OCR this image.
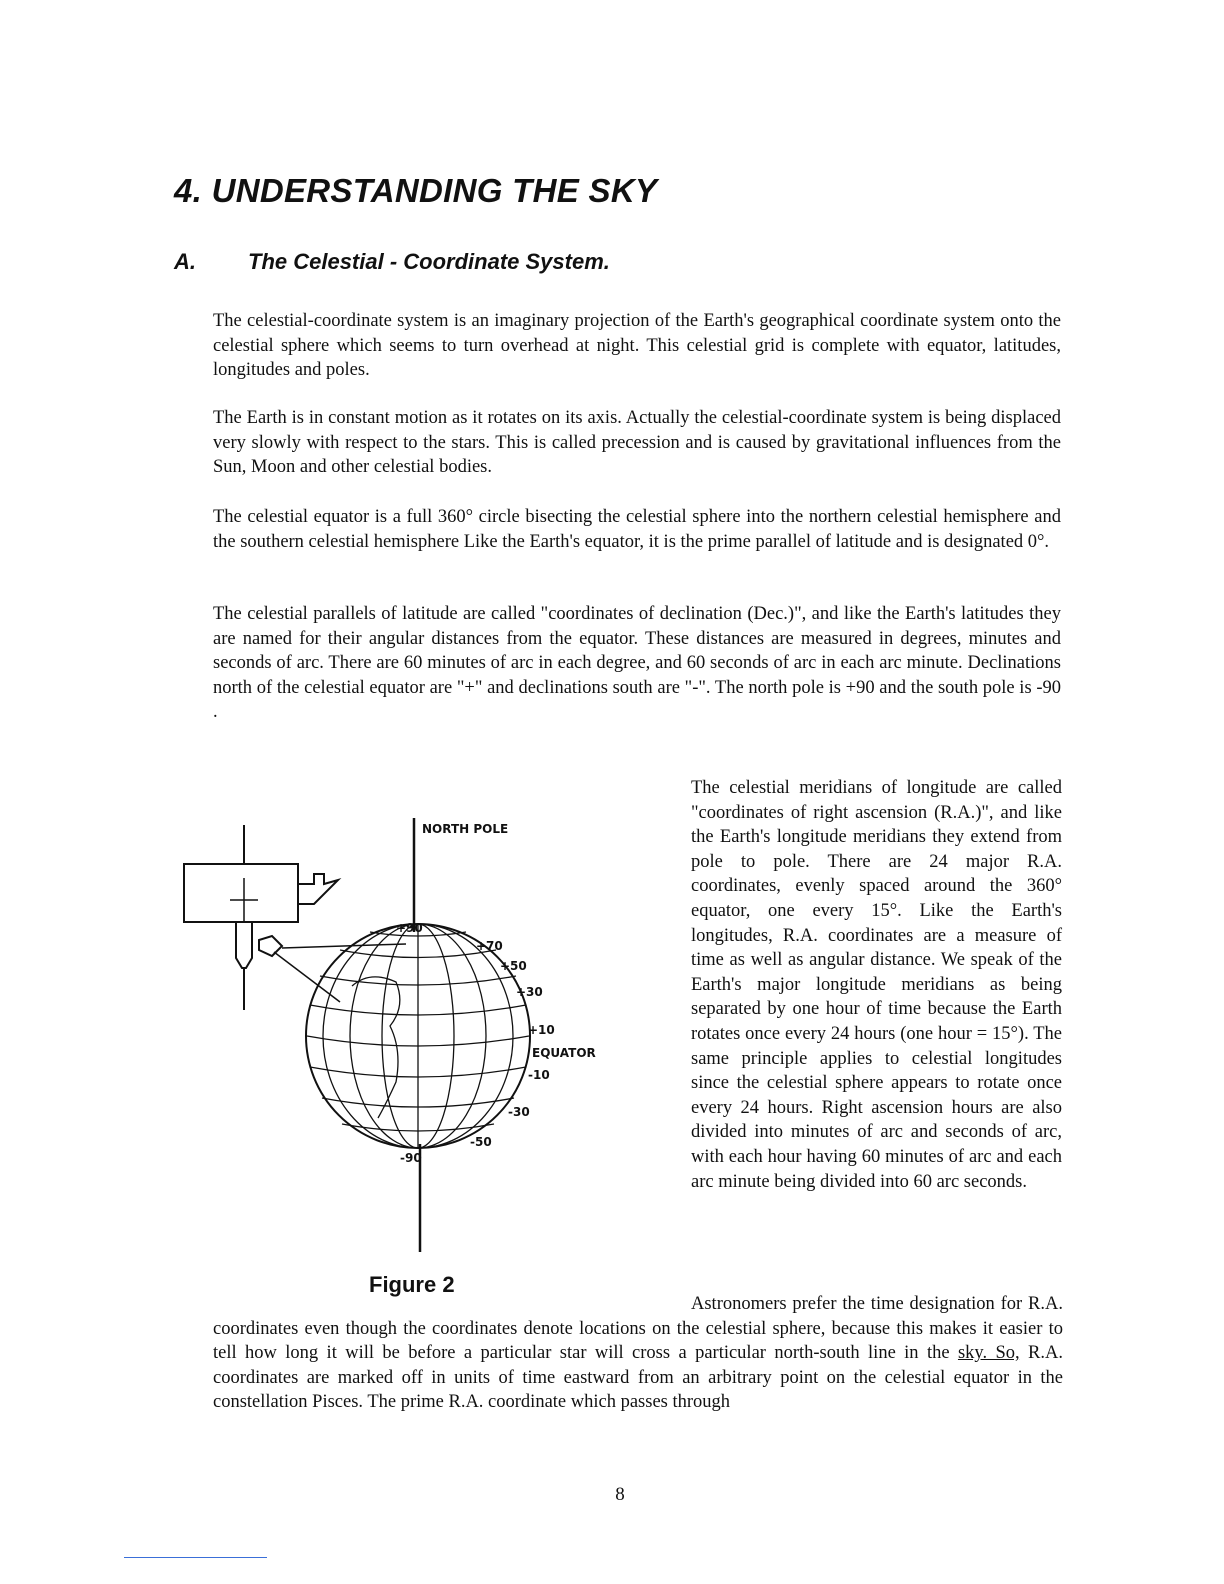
4. UNDERSTANDING THE SKY
A. The Celestial - Coordinate System.

The celestial-coordinate system is an imaginary projection of the Earth's geographical coordinate system onto the celestial sphere which seems to turn overhead at night. This celestial grid is complete with equator, latitudes, longitudes and poles.

The Earth is in constant motion as it rotates on its axis. Actually the celestial-coordinate system is being displaced very slowly with respect to the stars. This is called precession and is caused by gravitational influences from the Sun, Moon and other celestial bodies.

The celestial equator is a full 360° circle bisecting the celestial sphere into the northern celestial hemisphere and the southern celestial hemisphere Like the Earth's equator, it is the prime parallel of latitude and is designated 0°.

The celestial parallels of latitude are called "coordinates of declination (Dec.)", and like the Earth's latitudes they are named for their angular distances from the equator. These distances are measured in degrees, minutes and seconds of arc. There are 60 minutes of arc in each degree, and 60 seconds of arc in each arc minute. Declinations north of the celestial equator are "+" and declinations south are "-". The north pole is +90 and the south pole is -90 .

NORTH POLE
+90
+70
+50
+30
+10
EQUATOR
-10
-30
-50
-90

Figure 2

The celestial meridians of longitude are called "coordinates of right ascension (R.A.)", and like the Earth's longitude meridians they extend from pole to pole. There are 24 major R.A. coordinates, evenly spaced around the 360° equator, one every 15°. Like the Earth's longitudes, R.A. coordinates are a measure of time as well as angular distance. We speak of the Earth's major longitude meridians as being separated by one hour of time because the Earth rotates once every 24 hours (one hour = 15°). The same principle applies to celestial longitudes since the celestial sphere appears to rotate once every 24 hours. Right ascension hours are also divided into minutes of arc and seconds of arc, with each hour having 60 minutes of arc and each arc minute being divided into 60 arc seconds.

Astronomers prefer the time designation for R.A. coordinates even though the coordinates denote locations on the celestial sphere, because this makes it easier to tell how long it will be before a particular star will cross a particular north-south line in the sky. So, R.A. coordinates are marked off in units of time eastward from an arbitrary point on the celestial equator in the constellation Pisces. The prime R.A. coordinate which passes through

8
